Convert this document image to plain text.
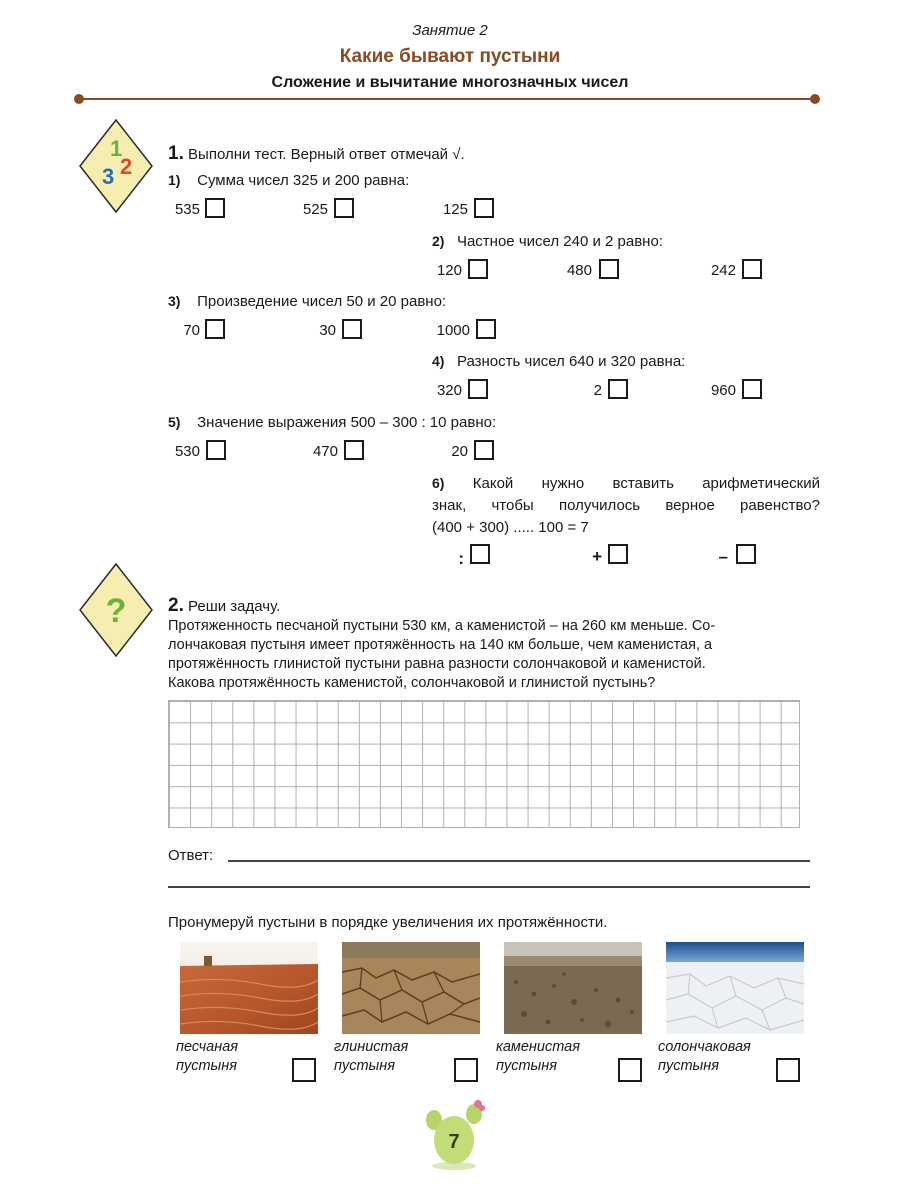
Занятие 2
Какие бывают пустыни
Сложение и вычитание многозначных чисел
1
2
3
1. Выполни тест. Верный ответ отмечай √.
1) Сумма чисел 325 и 200 равна:
535	525	125
2) Частное чисел 240 и 2 равно:
120	480	242
3) Произведение чисел 50 и 20 равно:
70	30	1000
4) Разность чисел 640 и 320 равна:
320	2	960
5) Значение выражения 500 – 300 : 10 равно:
530	470	20
6) Какой нужно вставить арифметический
знак, чтобы получилось верное равенство?
(400 + 300) ..... 100 = 7
:	+	–
? 2. Реши задачу.
Протяженность песчаной пустыни 530 км, а каменистой – на 260 км меньше. Со-
лончаковая пустыня имеет протяжённость на 140 км больше, чем каменистая, а
протяжённость глинистой пустыни равна разности солончаковой и каменистой.
Какова протяжённость каменистой, солончаковой и глинистой пустынь?
Ответ:
Пронумеруй пустыни в порядке увеличения их протяжённости.
песчаная
пустыня
глинистая
пустыня
каменистая
пустыня
солончаковая
пустыня
7
